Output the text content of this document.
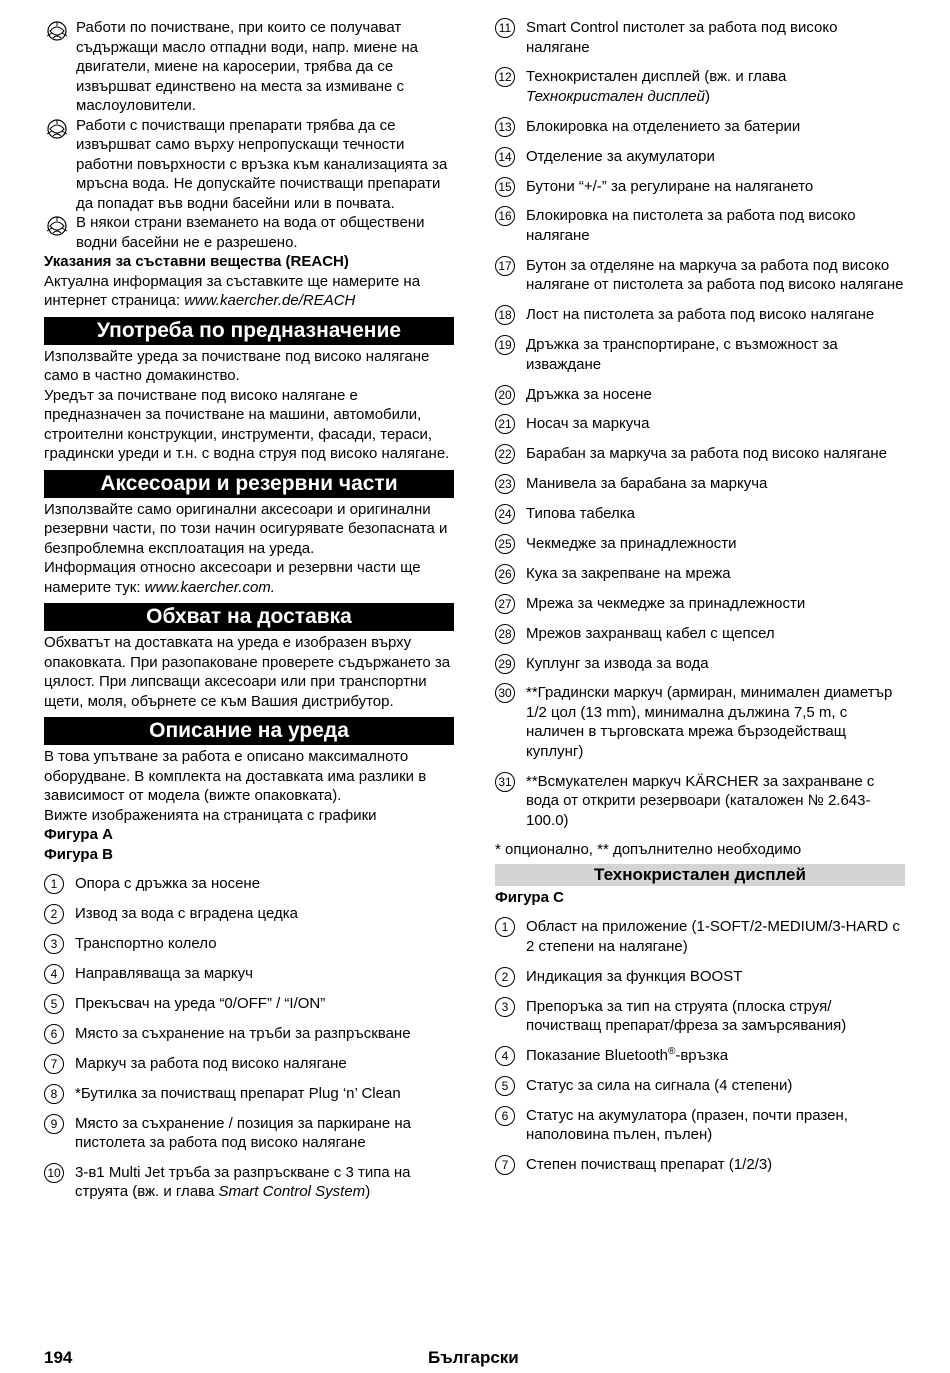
Работи по почистване, при които се получават съдържащи масло отпадни води, напр. миене на двигатели, миене на каросерии, трябва да се извършват единствено на места за измиване с маслоуловители.

Работи с почистващи препарати трябва да се извършват само върху непропускащи течности работни повърхности с връзка към канализацията за мръсна вода. Не допускайте почистващи препарати да попадат във водни басейни или в почвата.

В някои страни вземането на вода от обществени водни басейни не е разрешено.

Указания за съставни вещества (REACH)

Актуална информация за съставките ще намерите на интернет страница: www.kaercher.de/REACH

Употреба по предназначение

Използвайте уреда за почистване под високо налягане само в частно домакинство.

Уредът за почистване под високо налягане е предназначен за почистване на машини, автомобили, строителни конструкции, инструменти, фасади, тераси, градински уреди и т.н. с водна струя под високо налягане.

Аксесоари и резервни части

Използвайте само оригинални аксесоари и оригинални резервни части, по този начин осигурявате безопасната и безпроблемна експлоатация на уреда.

Информация относно аксесоари и резервни части ще намерите тук: www.kaercher.com.

Обхват на доставка

Обхватът на доставката на уреда е изобразен върху опаковката. При разопаковане проверете съдържането за цялост. При липсващи аксесоари или при транспортни щети, моля, обърнете се към Вашия дистрибутор.

Описание на уреда

В това упътване за работа е описано максималното оборудване. В комплекта на доставката има разлики в зависимост от модела (вижте опаковката).

Вижте изображенията на страницата с графики

Фигура A

Фигура B

1	Опора с дръжка за носене
2	Извод за вода с вградена цедка
3	Транспортно колело
4	Направляваща за маркуч
5	Прекъсвач на уреда “0/OFF” / “I/ON”
6	Място за съхранение на тръби за разпръскване
7	Маркуч за работа под високо налягане
8	*Бутилка за почистващ препарат Plug ‘n’ Clean
9	Място за съхранение / позиция за паркиране на пистолета за работа под високо налягане
10 3-в1 Multi Jet тръба за разпръскване с 3 типа на струята (вж. и глава Smart Control System)
11 Smart Control пистолет за работа под високо налягане
12 Технокристален дисплей (вж. и глава Технокристален дисплей)
13 Блокировка на отделението за батерии
14 Отделение за акумулатори
15 Бутони “+/-” за регулиране на налягането
16 Блокировка на пистолета за работа под високо налягане
17 Бутон за отделяне на маркуча за работа под високо налягане от пистолета за работа под високо налягане
18 Лост на пистолета за работа под високо налягане
19 Дръжка за транспортиране, с възможност за изваждане
20 Дръжка за носене
21 Носач за маркуча
22 Барабан за маркуча за работа под високо налягане
23 Манивела за барабана за маркуча
24 Типова табелка
25 Чекмедже за принадлежности
26 Кука за закрепване на мрежа
27 Мрежа за чекмедже за принадлежности
28 Мрежов захранващ кабел с щепсел
29 Куплунг за извода за вода
30 **Градински маркуч (армиран, минимален диаметър 1/2 цол (13 mm), минимална дължина 7,5 m, с наличен в търговската мрежа бързодействащ куплунг)
31 **Всмукателен маркуч KÄRCHER за захранване с вода от открити резервоари (каталожен № 2.643-100.0)

* опционално, ** допълнително необходимо

Технокристален дисплей

Фигура C

1	Област на приложение (1-SOFT/2-MEDIUM/3-HARD с 2 степени на налягане)
2	Индикация за функция BOOST
3	Препоръка за тип на струята (плоска струя/почистващ препарат/фреза за замърсявания)
4	Показание Bluetooth®-връзка
5	Статус за сила на сигнала (4 степени)
6	Статус на акумулатора (празен, почти празен, наполовина пълен, пълен)
7	Степен почистващ препарат (1/2/3)
194	Български
